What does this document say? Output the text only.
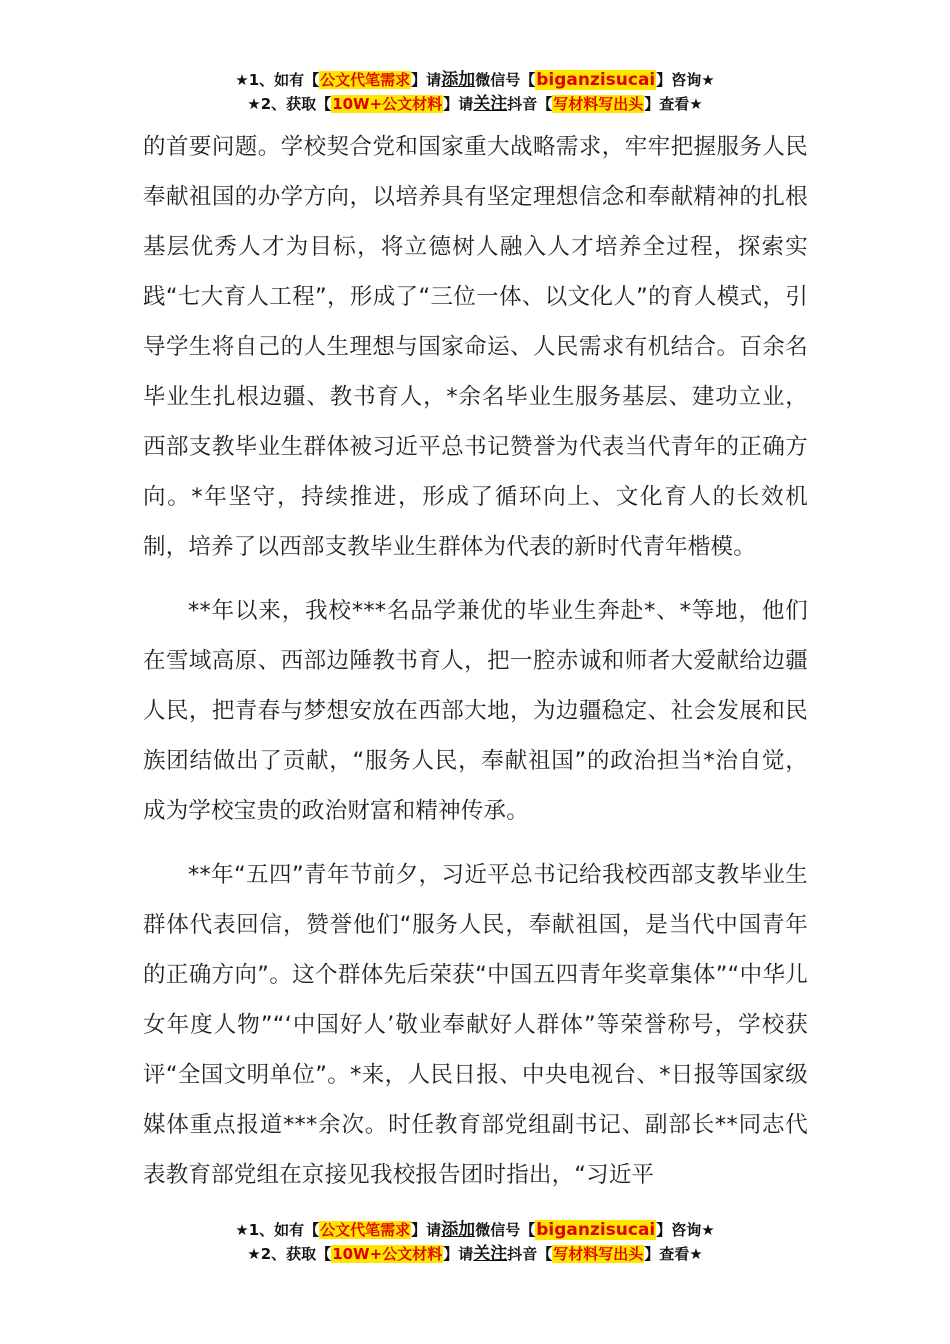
★1、如有【公文代笔需求】请添加微信号【biganzisucai】咨询★
★2、获取【10W+公文材料】请关注抖音【写材料写出头】查看★

的首要问题。学校契合党和国家重大战略需求，牢牢把握服务人民奉献祖国的办学方向，以培养具有坚定理想信念和奉献精神的扎根基层优秀人才为目标，将立德树人融入人才培养全过程，探索实践“七大育人工程”，形成了“三位一体、以文化人”的育人模式，引导学生将自己的人生理想与国家命运、人民需求有机结合。百余名毕业生扎根边疆、教书育人，*余名毕业生服务基层、建功立业，西部支教毕业生群体被习近平总书记赞誉为代表当代青年的正确方向。*年坚守，持续推进，形成了循环向上、文化育人的长效机制，培养了以西部支教毕业生群体为代表的新时代青年楷模。

**年以来，我校***名品学兼优的毕业生奔赴*、*等地，他们在雪域高原、西部边陲教书育人，把一腔赤诚和师者大爱献给边疆人民，把青春与梦想安放在西部大地，为边疆稳定、社会发展和民族团结做出了贡献，“服务人民，奉献祖国”的政治担当*治自觉，成为学校宝贵的政治财富和精神传承。

**年“五四”青年节前夕，习近平总书记给我校西部支教毕业生群体代表回信，赞誉他们“服务人民，奉献祖国，是当代中国青年的正确方向”。这个群体先后荣获“中国五四青年奖章集体”“中华儿女年度人物”“‘中国好人’敬业奉献好人群体”等荣誉称号，学校获评“全国文明单位”。*来，人民日报、中央电视台、*日报等国家级媒体重点报道***余次。时任教育部党组副书记、副部长**同志代表教育部党组在京接见我校报告团时指出，“习近平

★1、如有【公文代笔需求】请添加微信号【biganzisucai】咨询★
★2、获取【10W+公文材料】请关注抖音【写材料写出头】查看★
